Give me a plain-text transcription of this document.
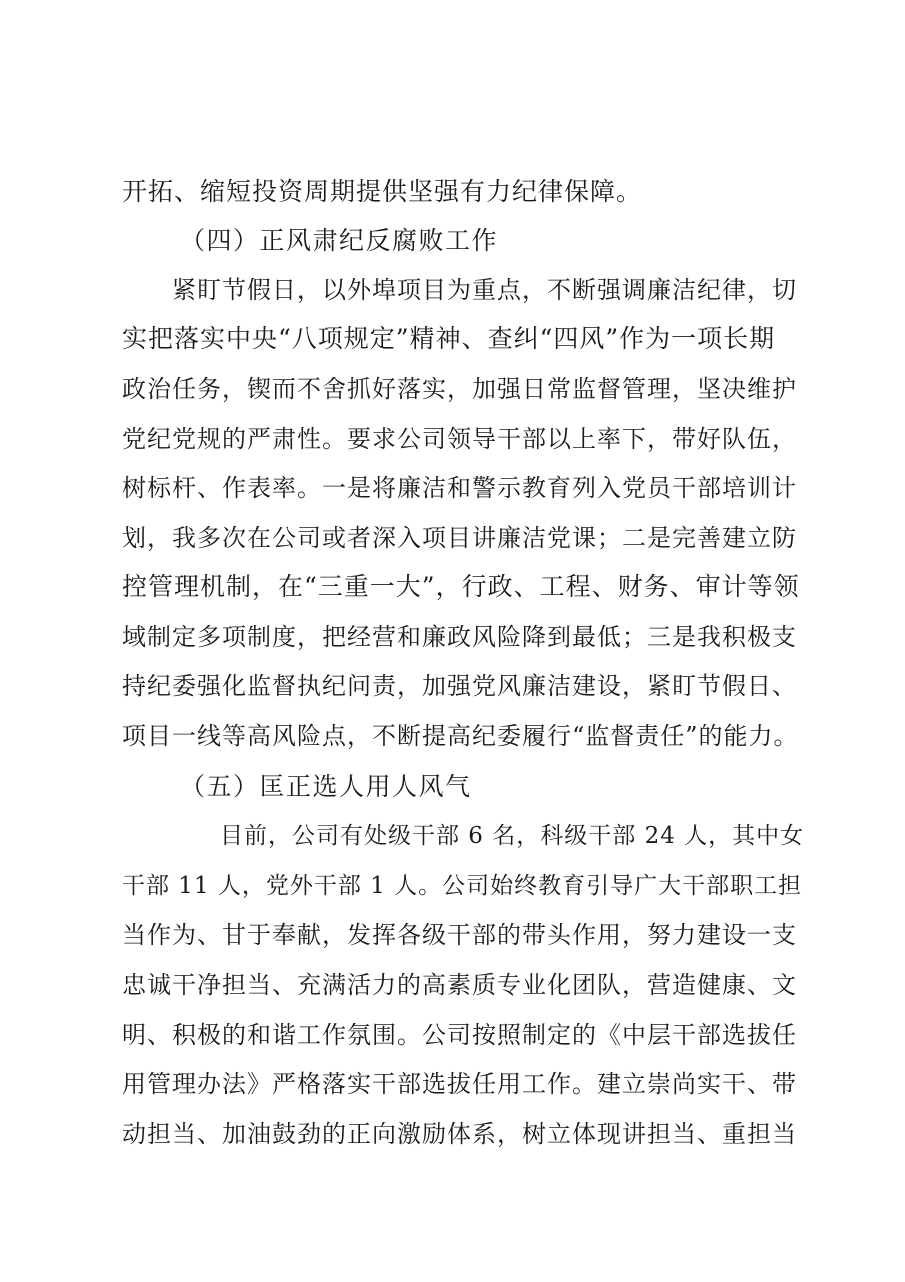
开拓、缩短投资周期提供坚强有力纪律保障。
（四）正风肃纪反腐败工作
紧盯节假日，以外埠项目为重点，不断强调廉洁纪律，切
实把落实中央“八项规定”精神、查纠“四风”作为一项长期
政治任务，锲而不舍抓好落实，加强日常监督管理，坚决维护
党纪党规的严肃性。要求公司领导干部以上率下，带好队伍，
树标杆、作表率。一是将廉洁和警示教育列入党员干部培训计
划，我多次在公司或者深入项目讲廉洁党课；二是完善建立防
控管理机制，在“三重一大”，行政、工程、财务、审计等领
域制定多项制度，把经营和廉政风险降到最低；三是我积极支
持纪委强化监督执纪问责，加强党风廉洁建设，紧盯节假日、
项目一线等高风险点，不断提高纪委履行“监督责任”的能力。
（五）匡正选人用人风气
目前，公司有处级干部 6 名，科级干部 24 人，其中女
干部 11 人，党外干部 1 人。公司始终教育引导广大干部职工担
当作为、甘于奉献，发挥各级干部的带头作用，努力建设一支
忠诚干净担当、充满活力的高素质专业化团队，营造健康、文
明、积极的和谐工作氛围。公司按照制定的《中层干部选拔任
用管理办法》严格落实干部选拔任用工作。建立崇尚实干、带
动担当、加油鼓劲的正向激励体系，树立体现讲担当、重担当
